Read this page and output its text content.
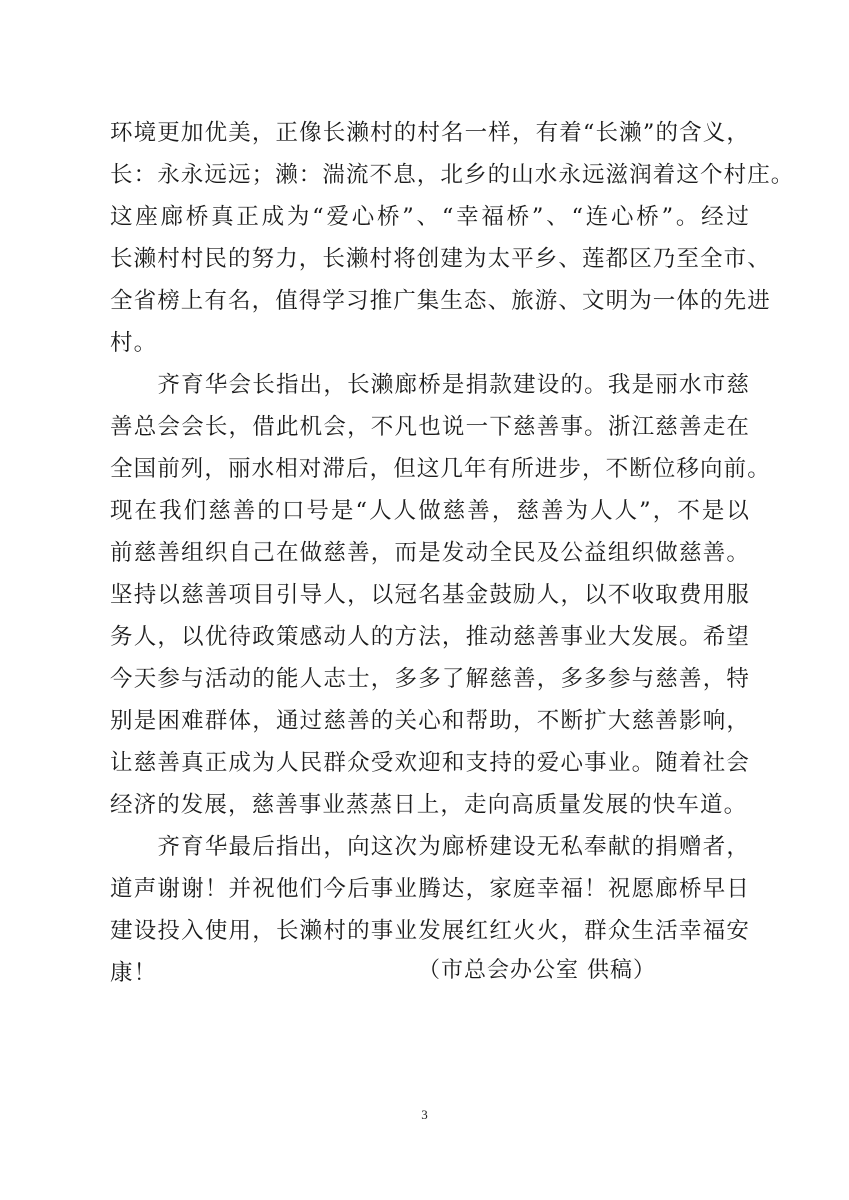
环境更加优美，正像长濑村的村名一样，有着“长濑”的含义，
长：永永远远；濑：湍流不息，北乡的山水永远滋润着这个村庄。
这座廊桥真正成为“爱心桥”、“幸福桥”、“连心桥”。经过
长濑村村民的努力，长濑村将创建为太平乡、莲都区乃至全市、
全省榜上有名，值得学习推广集生态、旅游、文明为一体的先进
村。
　　齐育华会长指出，长濑廊桥是捐款建设的。我是丽水市慈
善总会会长，借此机会，不凡也说一下慈善事。浙江慈善走在
全国前列，丽水相对滞后，但这几年有所进步，不断位移向前。
现在我们慈善的口号是“人人做慈善，慈善为人人”，不是以
前慈善组织自己在做慈善，而是发动全民及公益组织做慈善。
坚持以慈善项目引导人，以冠名基金鼓励人，以不收取费用服
务人，以优待政策感动人的方法，推动慈善事业大发展。希望
今天参与活动的能人志士，多多了解慈善，多多参与慈善，特
别是困难群体，通过慈善的关心和帮助，不断扩大慈善影响，
让慈善真正成为人民群众受欢迎和支持的爱心事业。随着社会
经济的发展，慈善事业蒸蒸日上，走向高质量发展的快车道。
　　齐育华最后指出，向这次为廊桥建设无私奉献的捐赠者，
道声谢谢！并祝他们今后事业腾达，家庭幸福！祝愿廊桥早日
建设投入使用，长濑村的事业发展红红火火，群众生活幸福安
康！	（市总会办公室 供稿）
3
